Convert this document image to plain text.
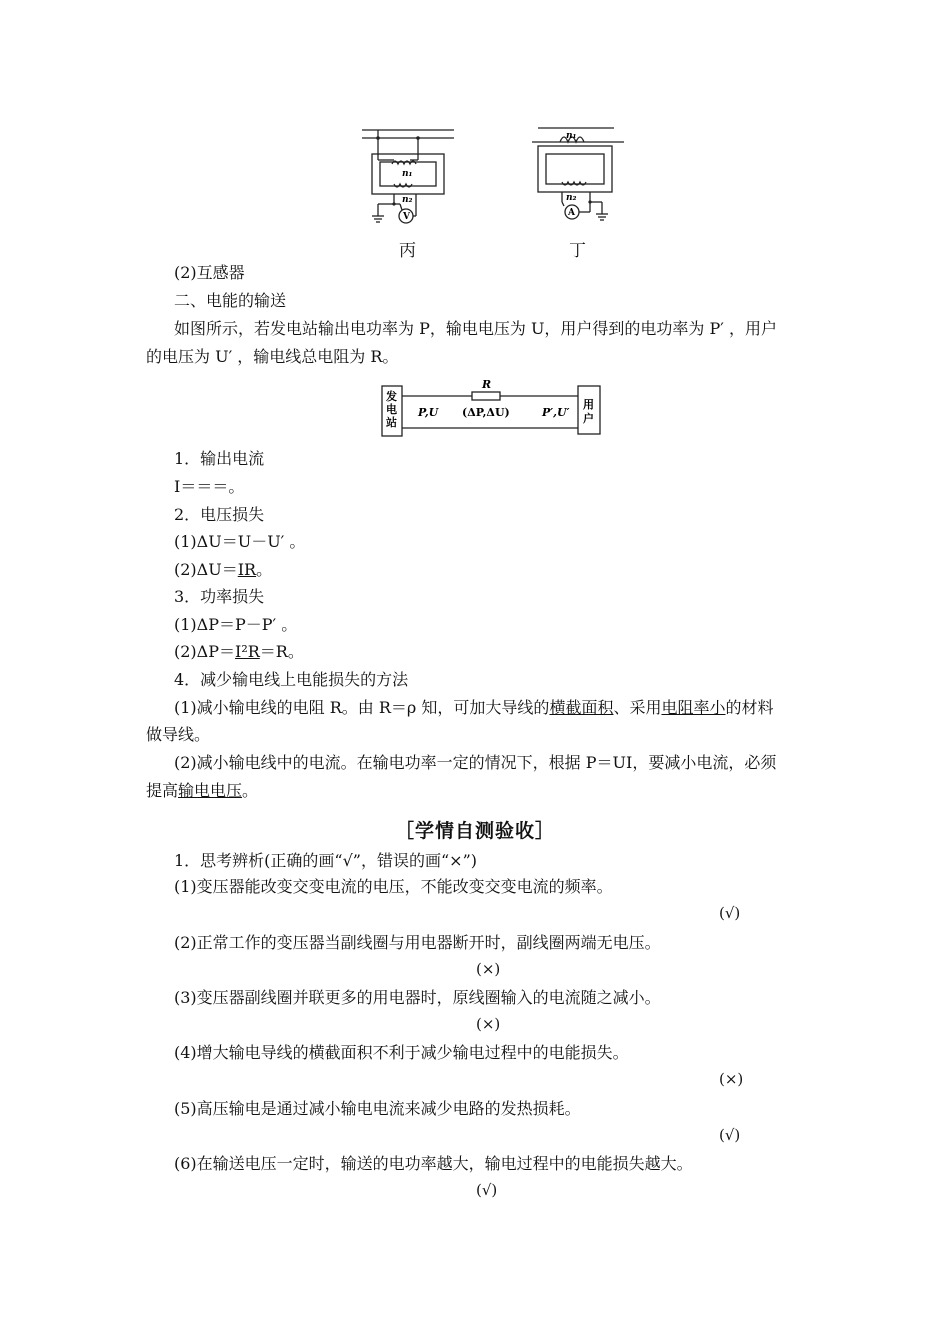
n₁
n₂
V
丙
n₁
n₂
A
丁
(2)互感器
二、电能的输送
如图所示，若发电站输出电功率为 P，输电电压为 U，用户得到的电功率为 P′ ，用户
的电压为 U′ ，输电线总电阻为 R。
发
电
站
用
户
P,U
R
(ΔP,ΔU)	P′,U′
1．输出电流
I＝＝＝。
2．电压损失
(1)ΔU＝U－U′ 。
(2)ΔU＝IR。
3．功率损失
(1)ΔP＝P－P′ 。
(2)ΔP＝I²R＝R。
4．减少输电线上电能损失的方法
(1)减小输电线的电阻 R。由 R＝ρ 知，可加大导线的横截面积、采用电阻率小的材料
做导线。
(2)减小输电线中的电流。在输电功率一定的情况下，根据 P＝UI，要减小电流，必须
提高输电电压。
［学情自测验收］
1．思考辨析(正确的画“√”，错误的画“×”)
(1)变压器能改变交变电流的电压，不能改变交变电流的频率。
(√)
(2)正常工作的变压器当副线圈与用电器断开时，副线圈两端无电压。
(×)
(3)变压器副线圈并联更多的用电器时，原线圈输入的电流随之减小。
(×)
(4)增大输电导线的横截面积不利于减少输电过程中的电能损失。
(×)
(5)高压输电是通过减小输电电流来减少电路的发热损耗。
(√)
(6)在输送电压一定时，输送的电功率越大，输电过程中的电能损失越大。
(√)
